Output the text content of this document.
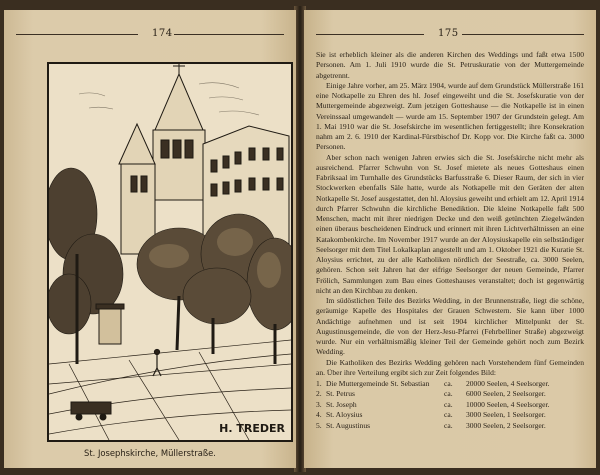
174
H. TREDER
St. Josephskirche, Müllerstraße.
175

Sie ist erheblich kleiner als die anderen Kirchen des Weddings und faßt etwa 1500 Personen. Am 1. Juli 1910 wurde die St. Petruskuratie von der Muttergemeinde abgetrennt.

Einige Jahre vorher, am 25. März 1904, wurde auf dem Grundstück Müllerstraße 161 eine Notkapelle zu Ehren des hl. Josef eingeweiht und die St. Josefskuratie von der Muttergemeinde abgezweigt. Zum jetzigen Gotteshause — die Notkapelle ist in einen Vereinssaal umgewandelt — wurde am 15. September 1907 der Grundstein gelegt. Am 1. Mai 1910 war die St. Josefskirche im wesentlichen fertiggestellt; ihre Konsekration nahm am 2. 6. 1910 der Kardinal-Fürstbischof Dr. Kopp vor. Die Kirche faßt ca. 3000 Personen.

Aber schon nach wenigen Jahren erwies sich die St. Josefskirche nicht mehr als ausreichend. Pfarrer Schwuhn von St. Josef mietete als neues Gotteshaus einen Fabriksaal im Turnhalle des Grundstücks Barfusstraße 6. Dieser Raum, der sich in vier Stockwerken ebenfalls Säle hatte, wurde als Notkapelle mit den Geräten der alten Notkapelle St. Josef ausgestattet, den hl. Aloysius geweiht und erhielt am 12. April 1914 durch Pfarrer Schwuhn die kirchliche Benediktion. Die kleine Notkapelle faßt 500 Menschen, macht mit ihrer niedrigen Decke und den weiß getünchten Ziegelwänden einen überaus bescheidenen Eindruck und erinnert mit ihren Lichtverhältnissen an eine Katakombenkirche. Im November 1917 wurde an der Aloysiuskapelle ein selbständiger Seelsorger mit dem Titel Lokalkaplan angestellt und am 1. Oktober 1921 die Kuratie St. Aloysius errichtet, zu der alle Katholiken nördlich der Seestraße, ca. 3000 Seelen, gehören. Schon seit Jahren hat der eifrige Seelsorger der neuen Gemeinde, Pfarrer Frölich, Sammlungen zum Bau eines Gotteshauses veranstaltet; doch ist gegenwärtig nicht an den Kirchbau zu denken.

Im südöstlichen Teile des Bezirks Wedding, in der Brunnenstraße, liegt die schöne, geräumige Kapelle des Hospitales der Grauen Schwestern. Sie kann über 1000 Andächtige aufnehmen und ist seit 1904 kirchlicher Mittelpunkt der St. Augustinusgemeinde, die von der Herz-Jesu-Pfarrei (Fehrbelliner Straße) abgezweigt wurde. Nur ein verhältnismäßig kleiner Teil der Gemeinde gehört noch zum Bezirk Wedding.

Die Katholiken des Bezirks Wedding gehören nach Vorstehendem fünf Gemeinden an. Über ihre Verteilung ergibt sich zur Zeit folgendes Bild:

1. Die Muttergemeinde St. Sebastian	ca.	20000 Seelen, 4 Seelsorger.
2. St. Petrus	ca.	6000 Seelen, 2 Seelsorger.
3. St. Joseph	ca.	10000 Seelen, 4 Seelsorger.
4. St. Aloysius	ca.	3000 Seelen, 1 Seelsorger.
5. St. Augustinus	ca.	3000 Seelen, 2 Seelsorger.
